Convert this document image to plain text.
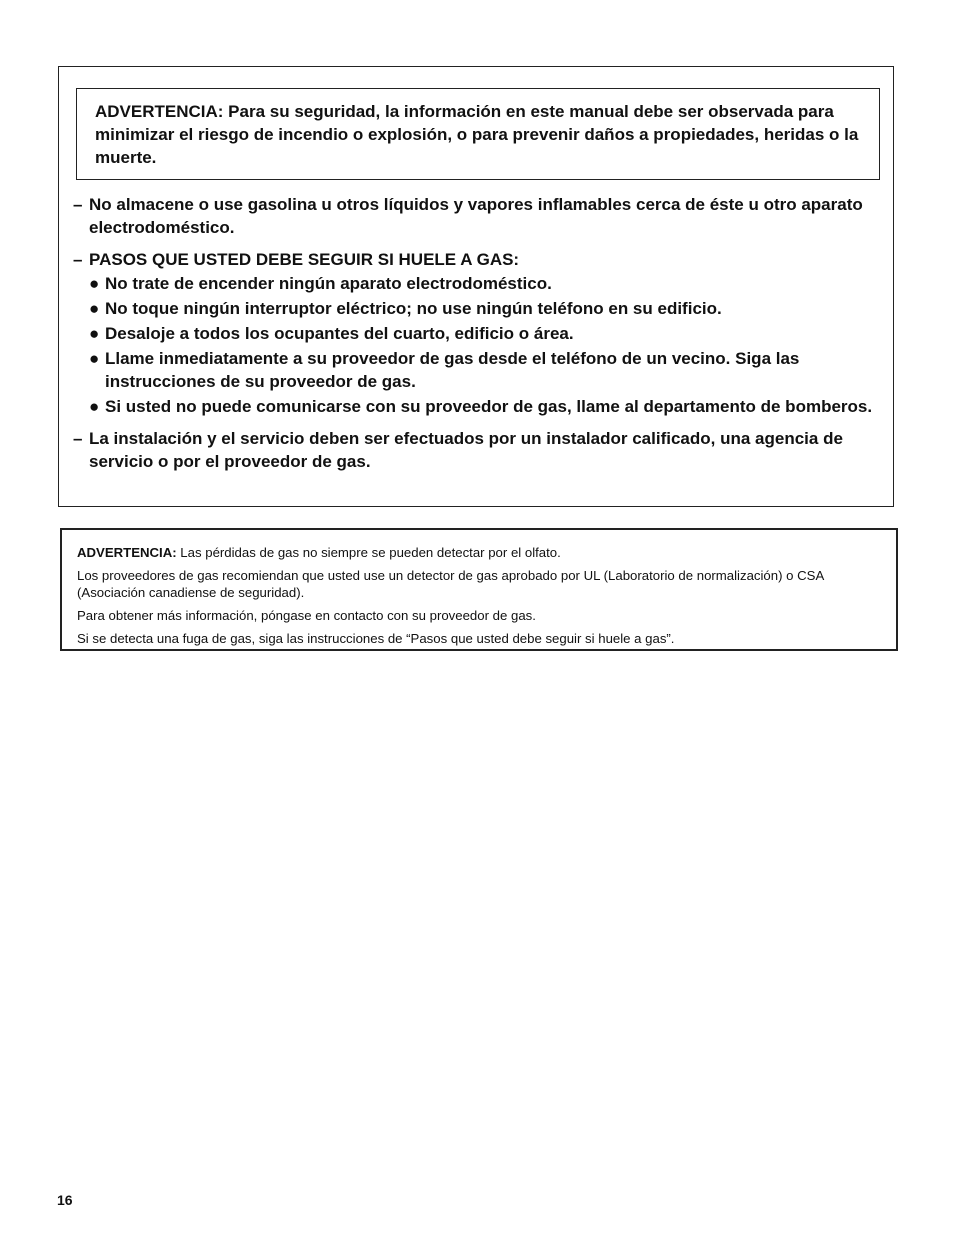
ADVERTENCIA: Para su seguridad, la información en este manual debe ser observada para minimizar el riesgo de incendio o explosión, o para prevenir daños a propiedades, heridas o la muerte.
– No almacene o use gasolina u otros líquidos y vapores inflamables cerca de éste u otro aparato electrodoméstico.
– PASOS QUE USTED DEBE SEGUIR SI HUELE A GAS:
● No trate de encender ningún aparato electrodoméstico.
● No toque ningún interruptor eléctrico; no use ningún teléfono en su edificio.
● Desaloje a todos los ocupantes del cuarto, edificio o área.
● Llame inmediatamente a su proveedor de gas desde el teléfono de un vecino. Siga las instrucciones de su proveedor de gas.
● Si usted no puede comunicarse con su proveedor de gas, llame al departamento de bomberos.
– La instalación y el servicio deben ser efectuados por un instalador calificado, una agencia de servicio o por el proveedor de gas.

ADVERTENCIA: Las pérdidas de gas no siempre se pueden detectar por el olfato.

Los proveedores de gas recomiendan que usted use un detector de gas aprobado por UL (Laboratorio de normalización) o CSA (Asociación canadiense de seguridad).

Para obtener más información, póngase en contacto con su proveedor de gas.

Si se detecta una fuga de gas, siga las instrucciones de “Pasos que usted debe seguir si huele a gas”.

16
